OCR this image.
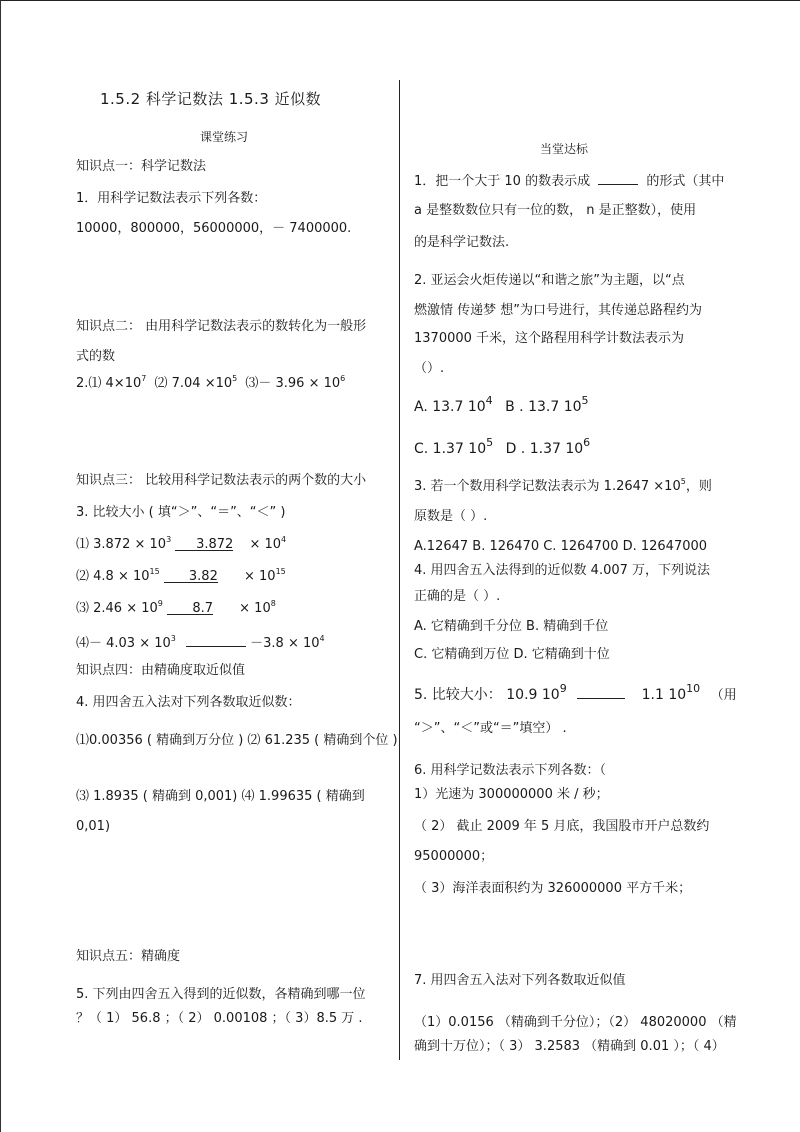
1.5.2 科学记数法 1.5.3 近似数
课堂练习
知识点一：科学记数法
1．用科学记数法表示下列各数：
10000，800000，56000000，－ 7400000.
知识点二： 由用科学记数法表示的数转化为一般形
式的数
2.⑴ $4\times 10^7$ ⑵ $7.04 \times 10^5$ ⑶－ $3.96 \times 10^6$
知识点三： 比较用科学记数法表示的两个数的大小
3. 比较大小 ( 填“＞”、“＝”、“＜” )
⑴ $3.872 \times 10^3$ $3.872 \times 10^4$
⑵ $4.8 \times 10^{15}$ $3.82 \times 10^{15}$
⑶ $2.46 \times 10^9$ $8.7 \times 10^8$
⑷－ $4.03 \times 10^3$	$-3.8 \times 10^4$
知识点四：由精确度取近似值
4. 用四舍五入法对下列各数取近似数：
⑴0.00356 ( 精确到万分位 ) ⑵ 61.235 ( 精确到个位 )
⑶ 1.8935 ( 精确到 0,001) ⑷ 1.99635 ( 精确到
0,01)
知识点五：精确度
5. 下列由四舍五入得到的近似数，各精确到哪一位
？（ 1） 56.8 ；（ 2） 0.00108 ；（ 3）8.5 万 .
当堂达标
1．把一个大于 10 的数表示成	的形式（其中
a 是整数数位只有一位的数， n 是正整数），使用
的是科学记数法.
2. 亚运会火炬传递以“和谐之旅”为主题，以“点
燃激情 传递梦 想”为口号进行，其传递总路程约为
1370000 千米，这个路程用科学计数法表示为
（）.
A. 13.7 $10^4$ B . 13.7 $10^5$
C. 1.37 $10^5$ D . 1.37 $10^6$
3. 若一个数用科学记数法表示为 $1.2647 \times 10^5$，则
原数是（ ）.
A.12647 B. 126470 C. 1264700 D. 12647000
4. 用四舍五入法得到的近似数 4.007 万，下列说法
正确的是（ ）.
A. 它精确到千分位 B. 精确到千位
C. 它精确到万位 D. 它精确到十位
5. 比较大小： 10.9 $10^9$	1.1 $10^{10}$ （用
“＞”、“＜”或“＝”填空） .
6. 用科学记数法表示下列各数：（
1）光速为 300000000 米 / 秒；
（ 2） 截止 2009 年 5 月底，我国股市开户总数约
95000000；
（ 3）海洋表面积约为 326000000 平方千米；
7. 用四舍五入法对下列各数取近似值
（1）0.0156 （精确到千分位）；（2） 48020000 （精
确到十万位）；（ 3） 3.2583 （精确到 0.01 ）；（ 4）
